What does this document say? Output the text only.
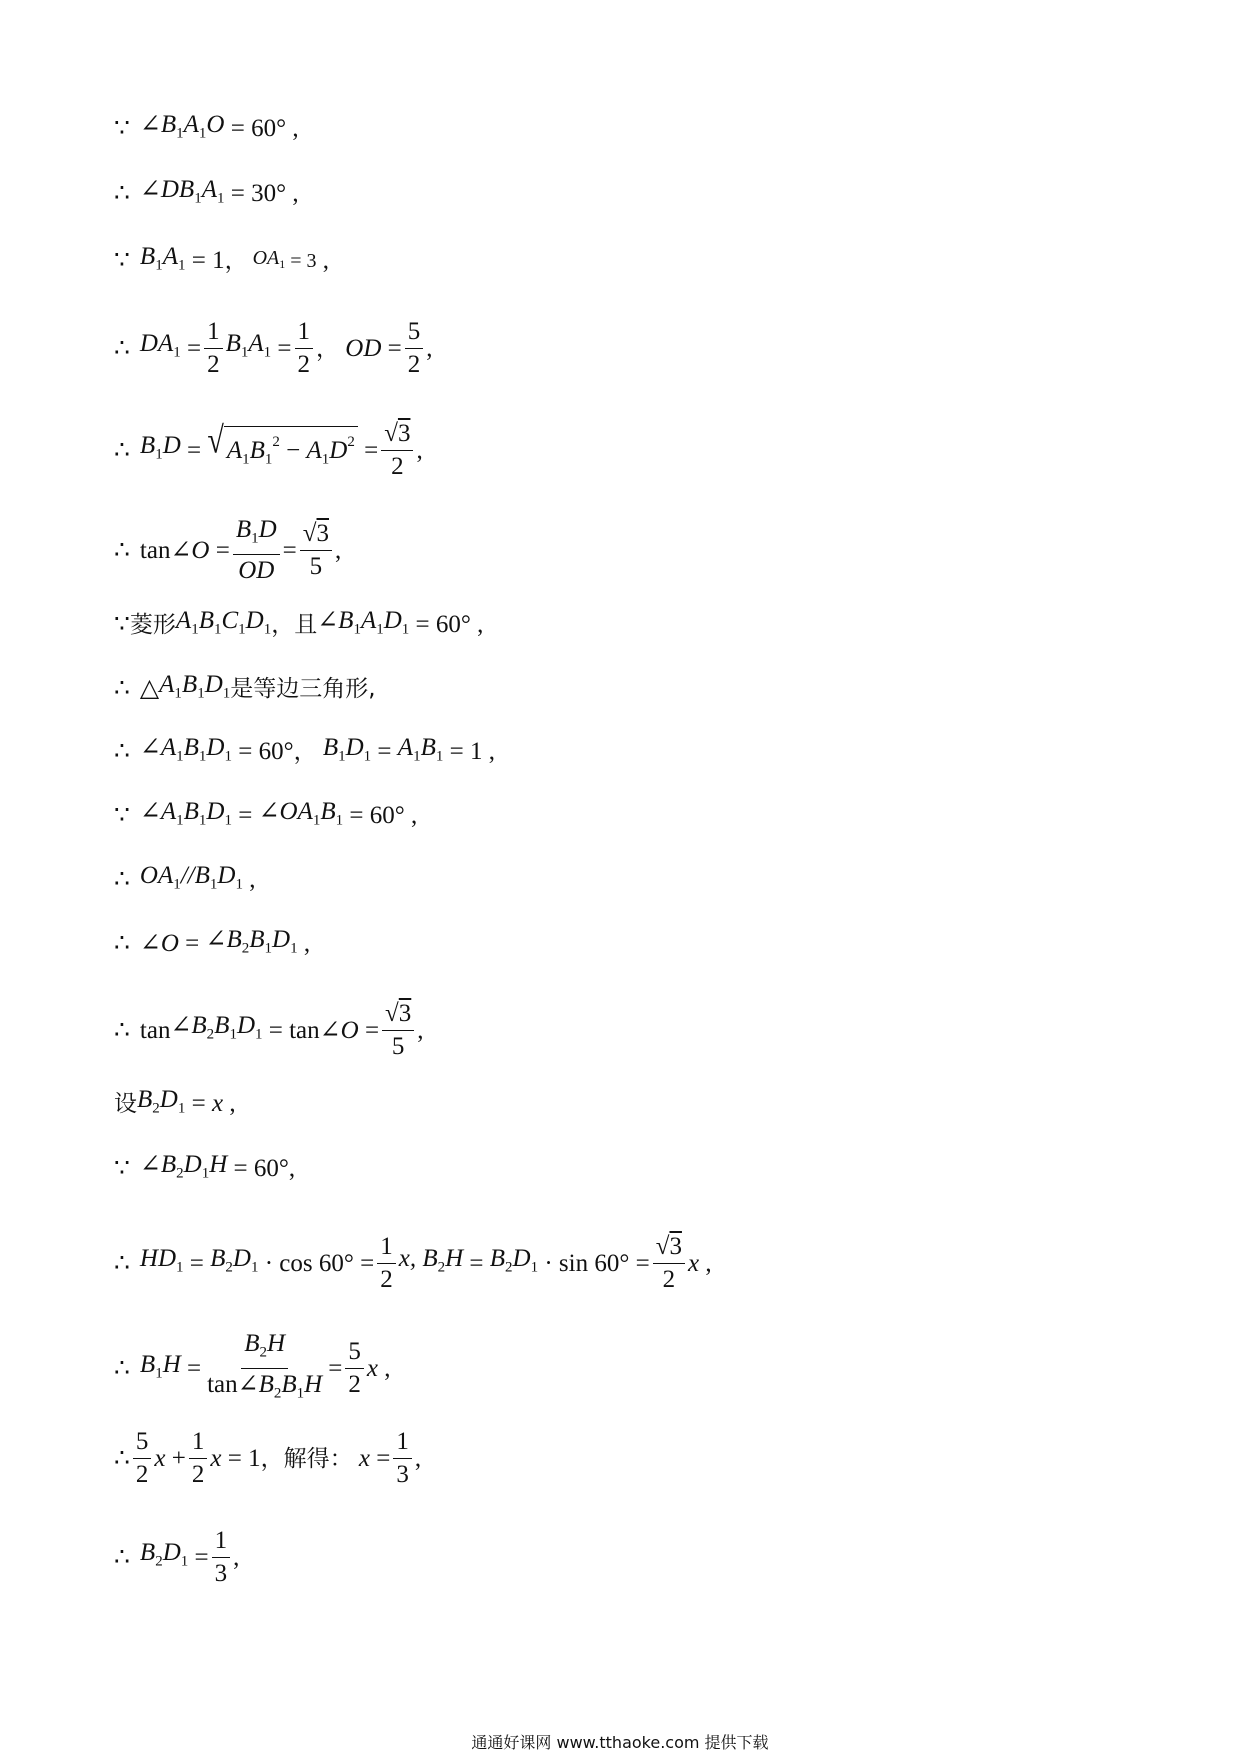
∵ $\angle B_1A_1O = 60^\circ$ ,
∴ $\angle DB_1A_1 = 30^\circ$ ,
∵ $B_1A_1 = 1$ ， $OA_1 = 3$ ,
∴ $DA_1 = \frac{1}{2} B_1A_1 = \frac{1}{2}$ ， OD = $\frac{5}{2}$ ,
∴ $B_1D$ = √ $A_1B_1^2 - A_1D^2 = \frac{√3}{2}$ ,
∴ tan ∠O = $\frac{B_1D}{OD} = \frac{√3}{5}$ ,
∵ 菱形 $A_1B_1C_1D_1$ ， 且 $\angle B_1A_1D_1 = 60^\circ$ ,
∴ △ $A_1B_1D_1$ 是等边三角形 ,
∴ $\angle A_1B_1D_1 = 60^\circ$ ， $B_1D_1 = A_1B_1 = 1$ ,
∵ $\angle A_1B_1D_1$ = $\angle OA_1B_1 = 60^\circ$ ,
∴ $OA_1//B_1D_1$ ,
∴ ∠O = $\angle B_2B_1D_1$ ,
∴ $\tan \angle B_2B_1D_1 = \tan$ ∠O = $\frac{√3}{5}$ ,
设 $B_2D_1 = x$ ,
∵ $\angle B_2D_1H = 60^\circ$ ,
∴ $HD_1 = B_2D_1 \cdot \cos 60^\circ = \frac{1}{2} x$, $B_2H = B_2D_1 \cdot \sin 60^\circ = \frac{√3}{2}$ x ,
∴ $B_1H = \frac{B_2H}{\tan\angle B_2B_1H} = \frac{5}{2}$ x ,
∴ $\frac{5}{2}$ $x + \frac{1}{2}$ x = 1 ， 解得： $x = \frac{1}{3}$ ,
∴ $B_2D_1 = \frac{1}{3}$ ,
通通好课网 www.tthaoke.com 提供下载
